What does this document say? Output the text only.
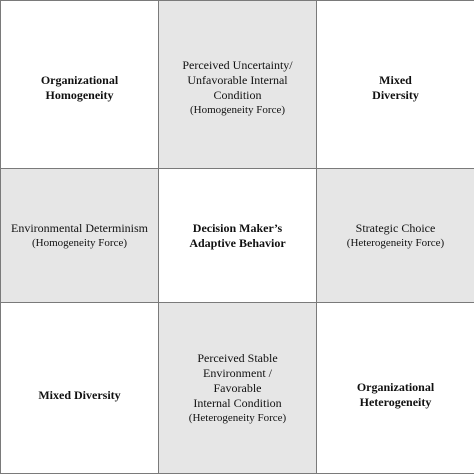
Organizational
Homogeneity
Perceived Uncertainty/
Unfavorable Internal
Condition
(Homogeneity Force)
Mixed
Diversity
Environmental Determinism
(Homogeneity Force)
Decision Maker’s
Adaptive Behavior
Strategic Choice
(Heterogeneity Force)
Mixed Diversity
Perceived Stable
Environment /
Favorable
Internal Condition
(Heterogeneity Force)
Organizational
Heterogeneity
